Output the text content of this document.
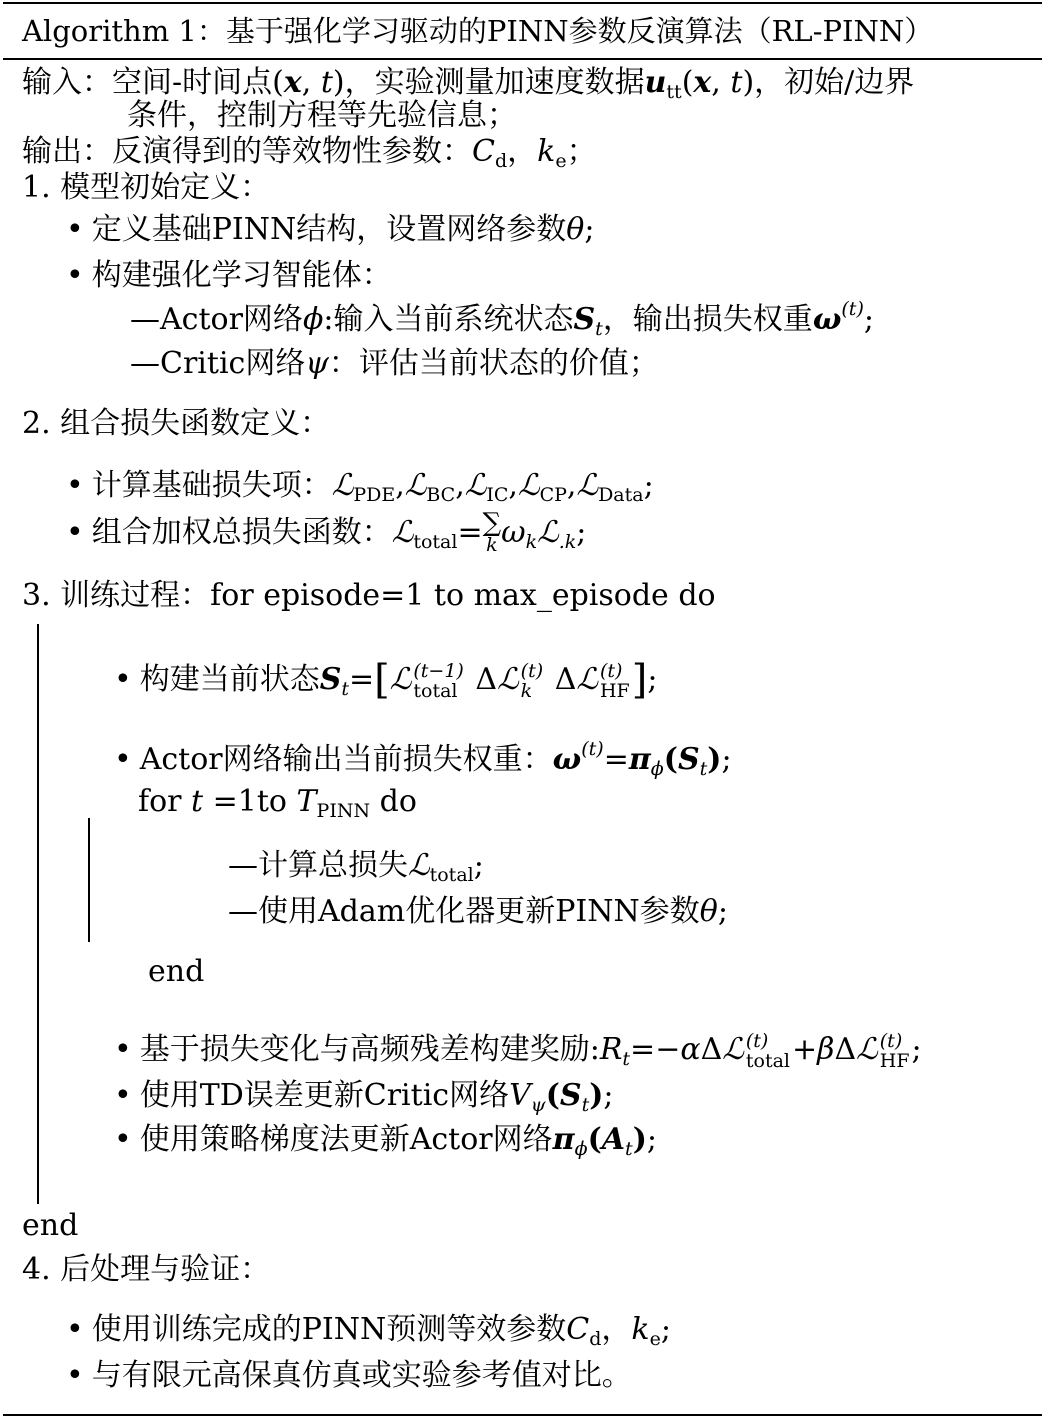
Algorithm 1：基于强化学习驱动的PINN参数反演算法（RL-PINN）
输入：空间-时间点(x, t)，实验测量加速度数据$u_{tt}(x$, t)，初始/边界
条件，控制方程等先验信息；
输出：反演得到的等效物性参数：$C_d$，$k_e$；
1. 模型初始定义：
• 定义基础PINN结构，设置网络参数θ;
• 构建强化学习智能体：
—Actor网络ϕ:输入当前系统状态$S_t$，输出损失权重$\omega^{(t)}$;
—Critic网络ψ：评估当前状态的价值；
2. 组合损失函数定义：
• 计算基础损失项：ℒ$_{PDE}$,ℒ$_{BC}$,ℒ$_{IC}$,ℒ$_{CP}$,ℒ$_{Data}$;
• 组合加权总损失函数：ℒ$_{total}$= ∑
k $\omega_kℒ_{.k}$;
3. 训练过程：for episode=1 to max_episode do
• 构建当前状态$S_t=[ℒ$ (t−1)
total Δℒ (t)
k Δℒ (t)
HF ];
• Actor网络输出当前损失权重：$\omega^{(t)}=\pi_\phi(S_t)$;
for t =1to $T_{PINN}$ do
—计算总损失ℒ$_{total}$;
—使用Adam优化器更新PINN参数θ;
end
• 基于损失变化与高频残差构建奖励$:R_t=-\alpha\Delta ℒ$ (t)
total +βΔℒ (t)
HF ;
• 使用TD误差更新Critic网络$V_\psi(S_t)$;
• 使用策略梯度法更新Actor网络$\pi_\phi(A_t)$;
end
4. 后处理与验证：
• 使用训练完成的PINN预测等效参数$C_d$，$k_e$;
• 与有限元高保真仿真或实验参考值对比。
